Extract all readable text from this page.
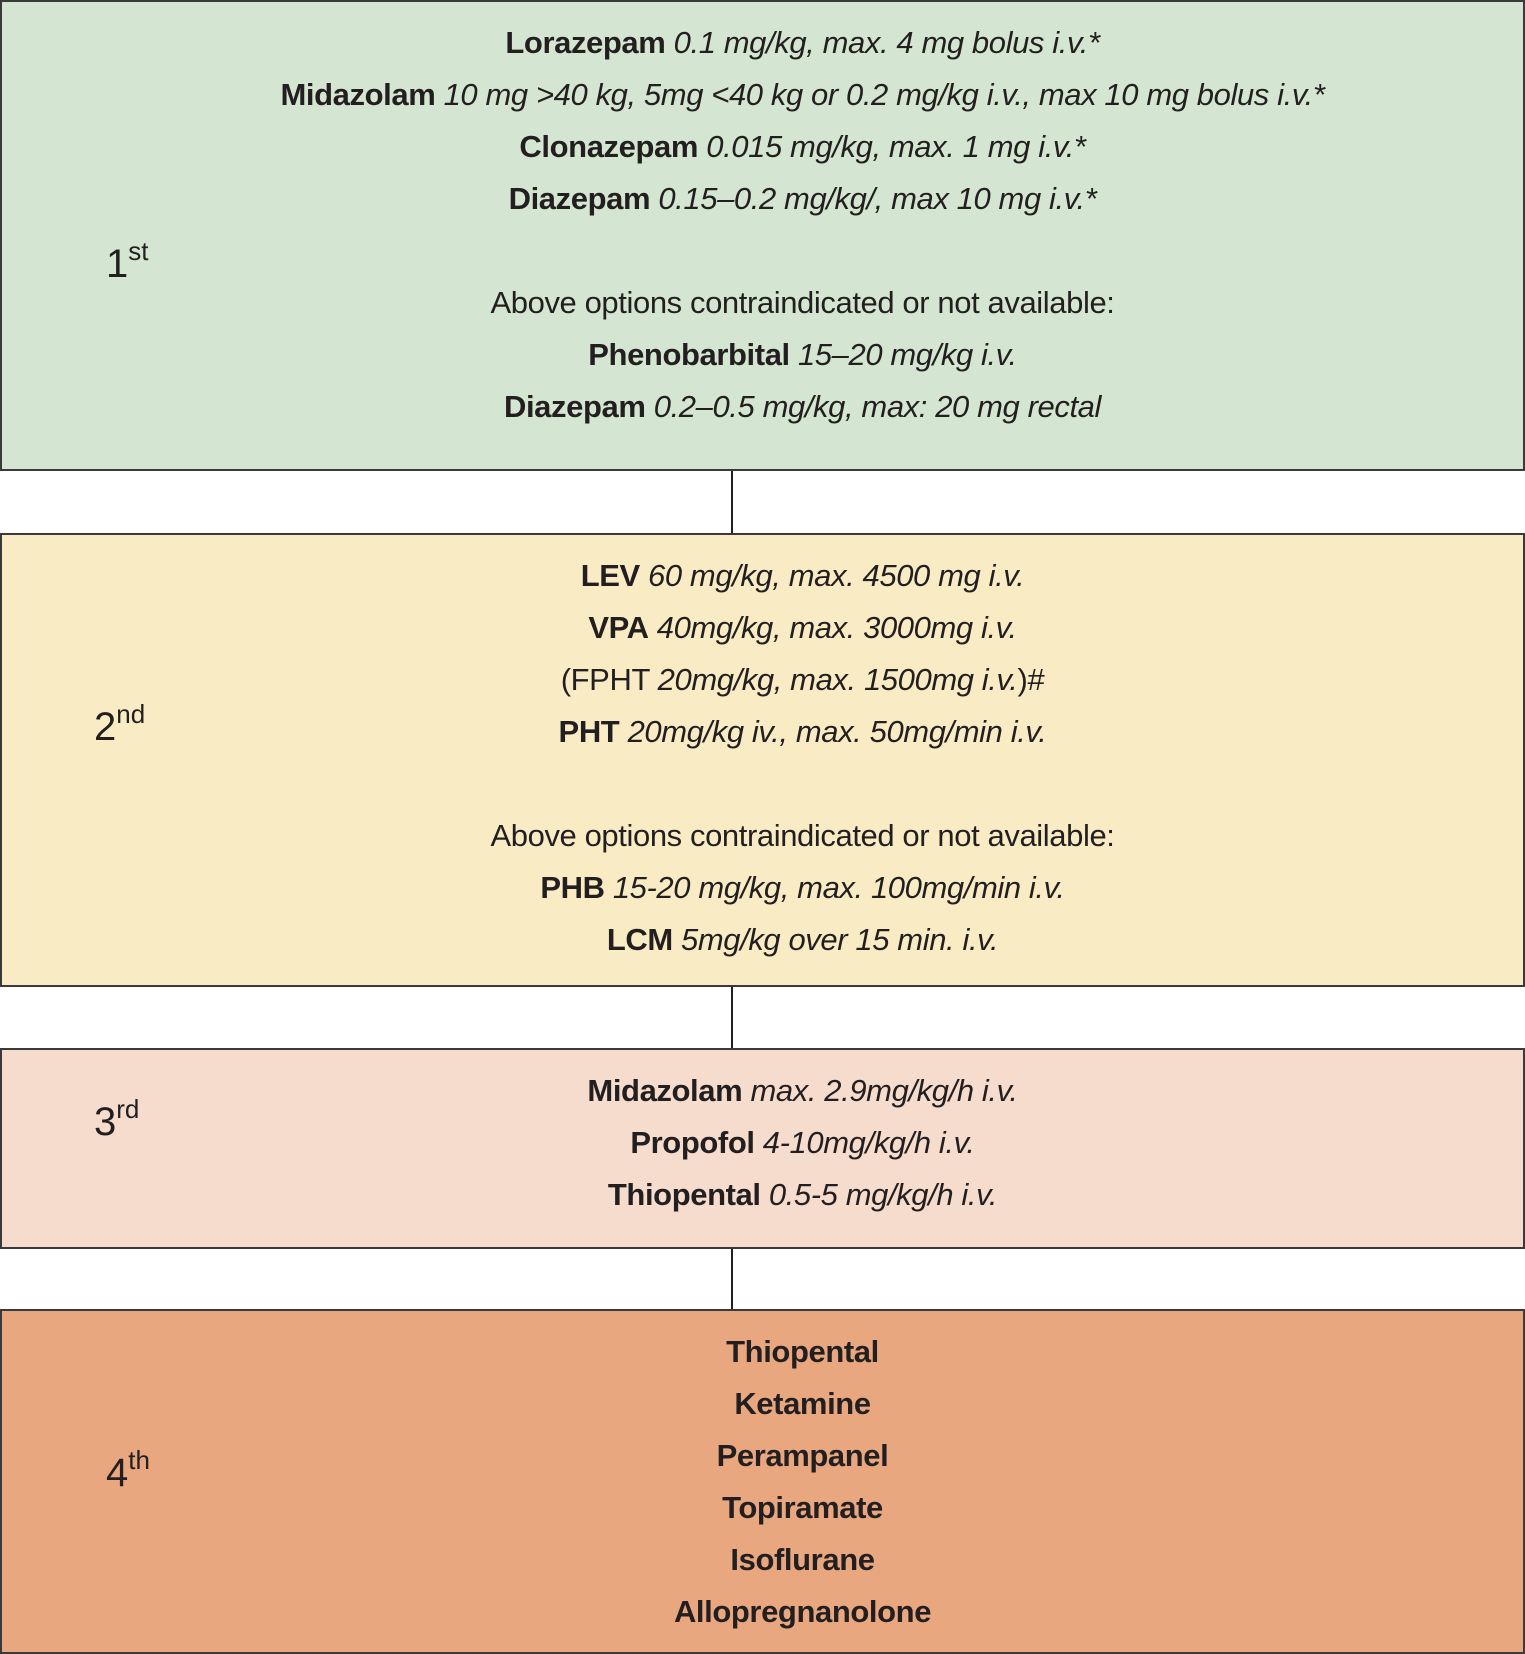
1st
Lorazepam 0.1 mg/kg, max. 4 mg bolus i.v.*
Midazolam 10 mg >40 kg, 5mg <40 kg or 0.2 mg/kg i.v., max 10 mg bolus i.v.*
Clonazepam 0.015 mg/kg, max. 1 mg i.v.*
Diazepam 0.15–0.2 mg/kg/, max 10 mg i.v.*
Above options contraindicated or not available:
Phenobarbital 15–20 mg/kg i.v.
Diazepam 0.2–0.5 mg/kg, max: 20 mg rectal
2nd
LEV 60 mg/kg, max. 4500 mg i.v.
VPA 40mg/kg, max. 3000mg i.v.
(FPHT 20mg/kg, max. 1500mg i.v.)#
PHT 20mg/kg iv., max. 50mg/min i.v.
Above options contraindicated or not available:
PHB 15-20 mg/kg, max. 100mg/min i.v.
LCM 5mg/kg over 15 min. i.v.
3rd
Midazolam max. 2.9mg/kg/h i.v.
Propofol 4-10mg/kg/h i.v.
Thiopental 0.5-5 mg/kg/h i.v.
4th
Thiopental
Ketamine
Perampanel
Topiramate
Isoflurane
Allopregnanolone
